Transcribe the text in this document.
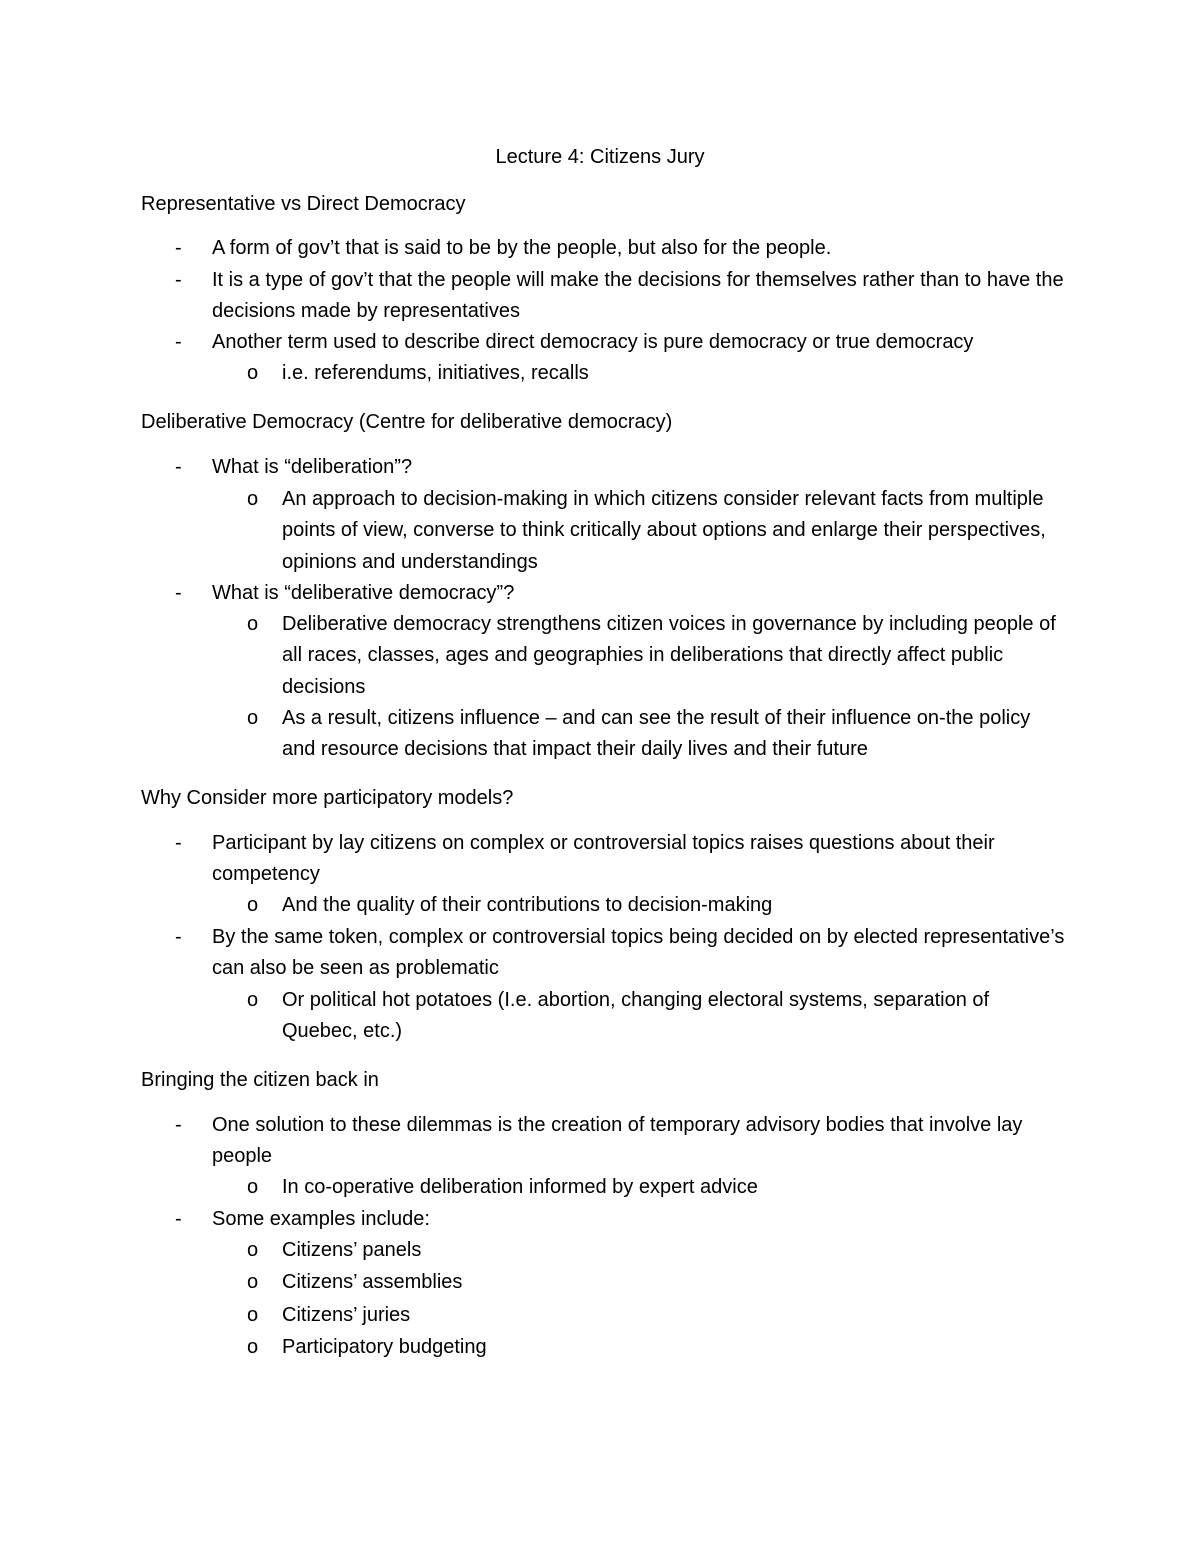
Lecture 4: Citizens Jury
Representative vs Direct Democracy
-	A form of gov’t that is said to be by the people, but also for the people.
-	It is a type of gov’t that the people will make the decisions for themselves rather than to have the decisions made by representatives
-	Another term used to describe direct democracy is pure democracy or true democracy
o	i.e. referendums, initiatives, recalls
Deliberative Democracy (Centre for deliberative democracy)
-	What is “deliberation”?
o	An approach to decision-making in which citizens consider relevant facts from multiple points of view, converse to think critically about options and enlarge their perspectives, opinions and understandings
-	What is “deliberative democracy”?
o	Deliberative democracy strengthens citizen voices in governance by including people of all races, classes, ages and geographies in deliberations that directly affect public decisions
o	As a result, citizens influence – and can see the result of their influence on-the policy and resource decisions that impact their daily lives and their future
Why Consider more participatory models?
-	Participant by lay citizens on complex or controversial topics raises questions about their competency
o	And the quality of their contributions to decision-making
-	By the same token, complex or controversial topics being decided on by elected representative’s can also be seen as problematic
o	Or political hot potatoes (I.e. abortion, changing electoral systems, separation of Quebec, etc.)
Bringing the citizen back in
-	One solution to these dilemmas is the creation of temporary advisory bodies that involve lay people
o	In co-operative deliberation informed by expert advice
-	Some examples include:
o	Citizens’ panels
o	Citizens’ assemblies
o	Citizens’ juries
o	Participatory budgeting
